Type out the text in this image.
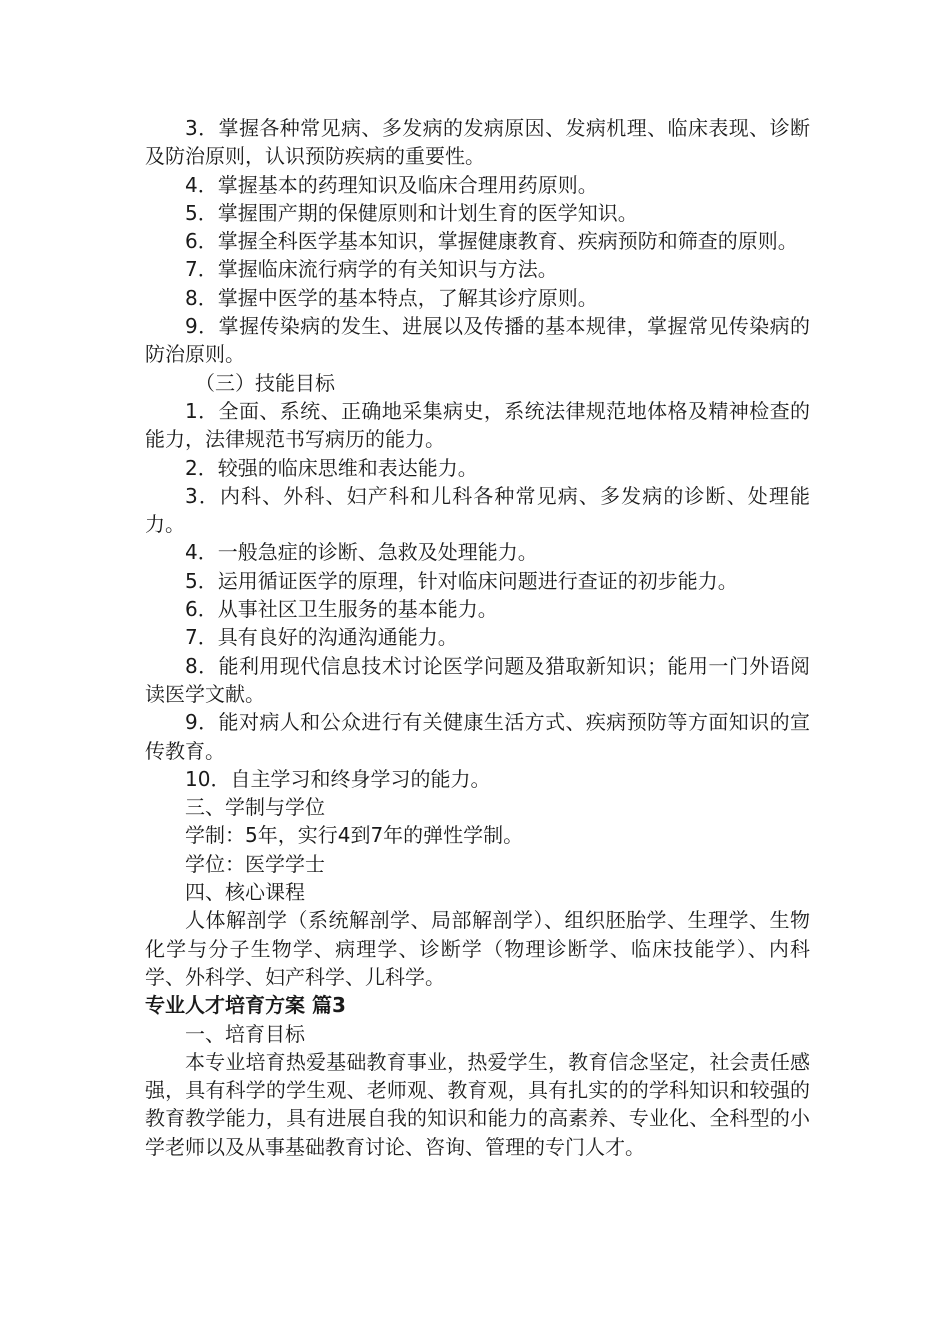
3．掌握各种常见病、多发病的发病原因、发病机理、临床表现、诊断及防治原则，认识预防疾病的重要性。

4．掌握基本的药理知识及临床合理用药原则。

5．掌握围产期的保健原则和计划生育的医学知识。

6．掌握全科医学基本知识，掌握健康教育、疾病预防和筛查的原则。

7．掌握临床流行病学的有关知识与方法。

8．掌握中医学的基本特点，了解其诊疗原则。

9．掌握传染病的发生、进展以及传播的基本规律，掌握常见传染病的防治原则。

（三）技能目标

1．全面、系统、正确地采集病史，系统法律规范地体格及精神检查的能力，法律规范书写病历的能力。

2．较强的临床思维和表达能力。

3．内科、外科、妇产科和儿科各种常见病、多发病的诊断、处理能力。

4．一般急症的诊断、急救及处理能力。

5．运用循证医学的原理，针对临床问题进行查证的初步能力。

6．从事社区卫生服务的基本能力。

7．具有良好的沟通沟通能力。

8．能利用现代信息技术讨论医学问题及猎取新知识；能用一门外语阅读医学文献。

9．能对病人和公众进行有关健康生活方式、疾病预防等方面知识的宣传教育。

10．自主学习和终身学习的能力。

三、学制与学位

学制：5年，实行4到7年的弹性学制。

学位：医学学士

四、核心课程

人体解剖学（系统解剖学、局部解剖学）、组织胚胎学、生理学、生物化学与分子生物学、病理学、诊断学（物理诊断学、临床技能学）、内科学、外科学、妇产科学、儿科学。

专业人才培育方案 篇3

一、培育目标

本专业培育热爱基础教育事业，热爱学生，教育信念坚定，社会责任感强，具有科学的学生观、老师观、教育观，具有扎实的的学科知识和较强的教育教学能力，具有进展自我的知识和能力的高素养、专业化、全科型的小学老师以及从事基础教育讨论、咨询、管理的专门人才。
